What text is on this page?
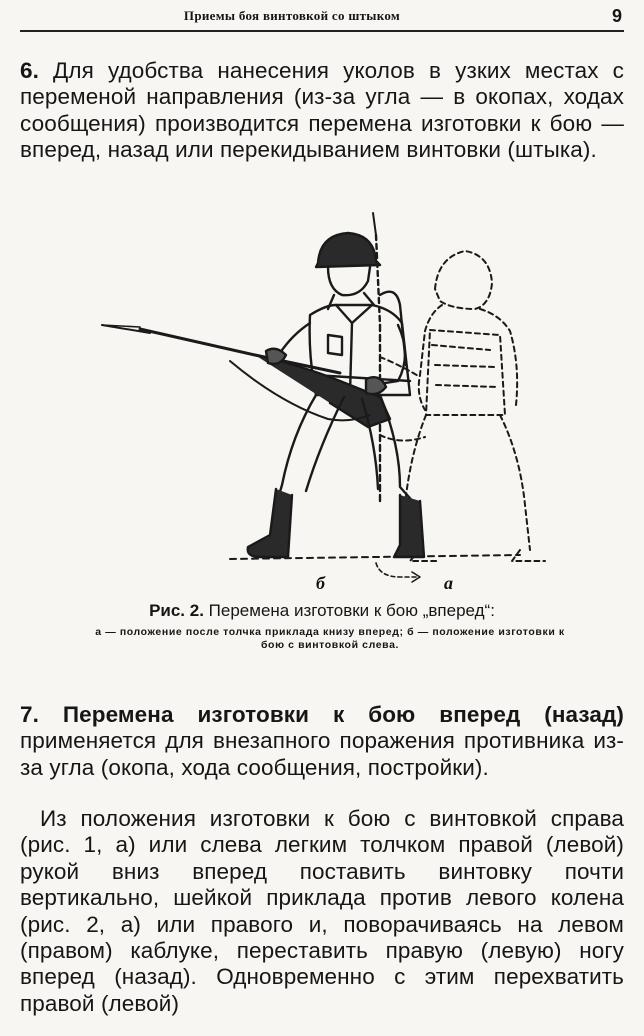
Приемы боя винтовкой со штыком	9

6. Для удобства нанесения уколов в узких местах с переменой направления (из-за угла — в окопах, ходах сообщения) производится перемена изготовки к бою — вперед, назад или перекидыванием винтовки (штыка).

б	а
Рис. 2. Перемена изготовки к бою „вперед“:
а — положение после толчка приклада книзу вперед; б — положение изготовки к бою с винтовкой слева.

7. Перемена изготовки к бою вперед (назад) применяется для внезапного поражения противника из-за угла (окопа, хода сообщения, постройки).

Из положения изготовки к бою с винтовкой справа (рис. 1, а) или слева легким толчком правой (левой) рукой вниз вперед поставить винтовку почти вертикально, шейкой приклада против левого колена (рис. 2, а) или правого и, поворачиваясь на левом (правом) каблуке, переставить правую (левую) ногу вперед (назад). Одновременно с этим перехватить правой (левой)
